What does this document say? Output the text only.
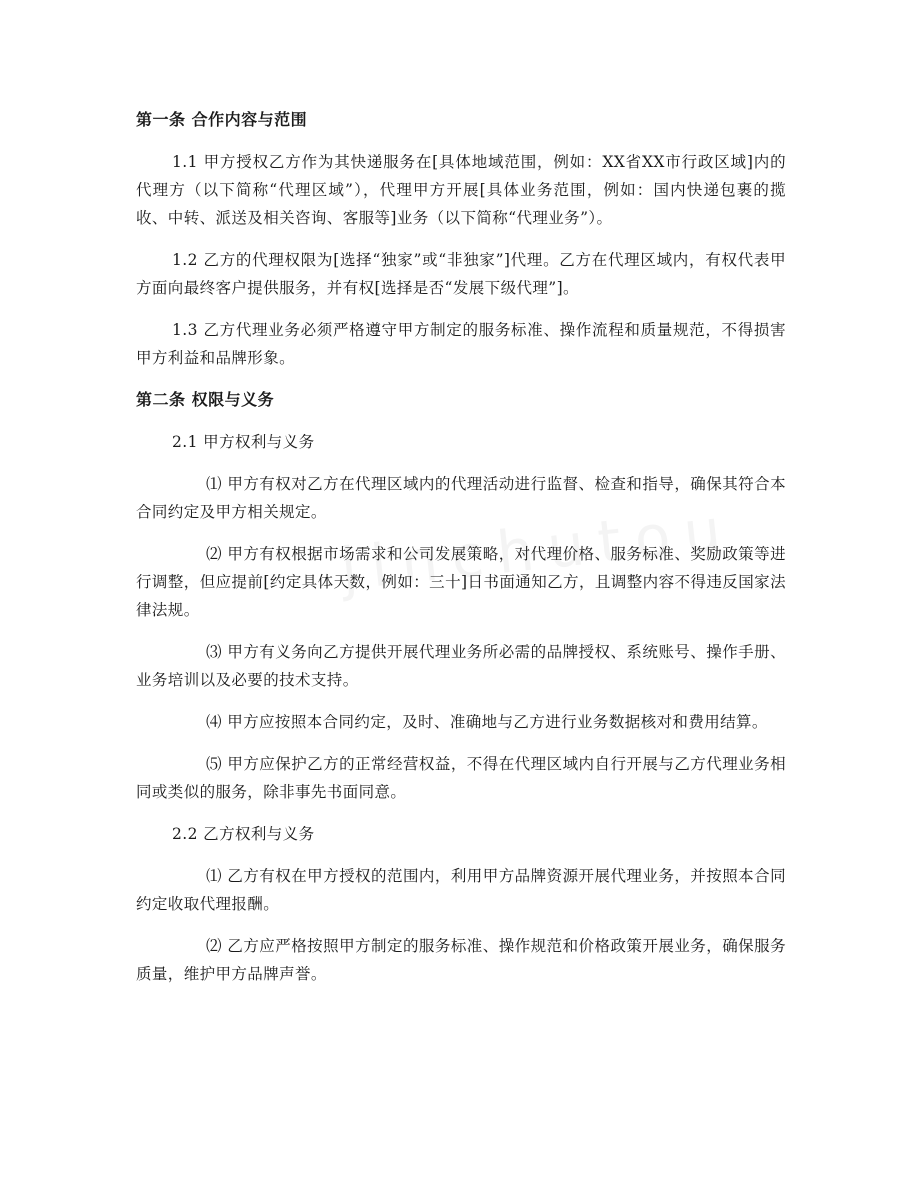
第一条 合作内容与范围

1.1 甲方授权乙方作为其快递服务在[具体地域范围，例如：XX省XX市行政区域]内的代理方（以下简称“代理区域”），代理甲方开展[具体业务范围，例如：国内快递包裹的揽收、中转、派送及相关咨询、客服等]业务（以下简称“代理业务”）。

1.2 乙方的代理权限为[选择“独家”或“非独家”]代理。乙方在代理区域内，有权代表甲方面向最终客户提供服务，并有权[选择是否“发展下级代理”]。

1.3 乙方代理业务必须严格遵守甲方制定的服务标准、操作流程和质量规范，不得损害甲方利益和品牌形象。

第二条 权限与义务

2.1 甲方权利与义务

⑴ 甲方有权对乙方在代理区域内的代理活动进行监督、检查和指导，确保其符合本合同约定及甲方相关规定。

⑵ 甲方有权根据市场需求和公司发展策略，对代理价格、服务标准、奖励政策等进行调整，但应提前[约定具体天数，例如：三十]日书面通知乙方，且调整内容不得违反国家法律法规。

⑶ 甲方有义务向乙方提供开展代理业务所必需的品牌授权、系统账号、操作手册、业务培训以及必要的技术支持。

⑷ 甲方应按照本合同约定，及时、准确地与乙方进行业务数据核对和费用结算。

⑸ 甲方应保护乙方的正常经营权益，不得在代理区域内自行开展与乙方代理业务相同或类似的服务，除非事先书面同意。

2.2 乙方权利与义务

⑴ 乙方有权在甲方授权的范围内，利用甲方品牌资源开展代理业务，并按照本合同约定收取代理报酬。

⑵ 乙方应严格按照甲方制定的服务标准、操作规范和价格政策开展业务，确保服务质量，维护甲方品牌声誉。
